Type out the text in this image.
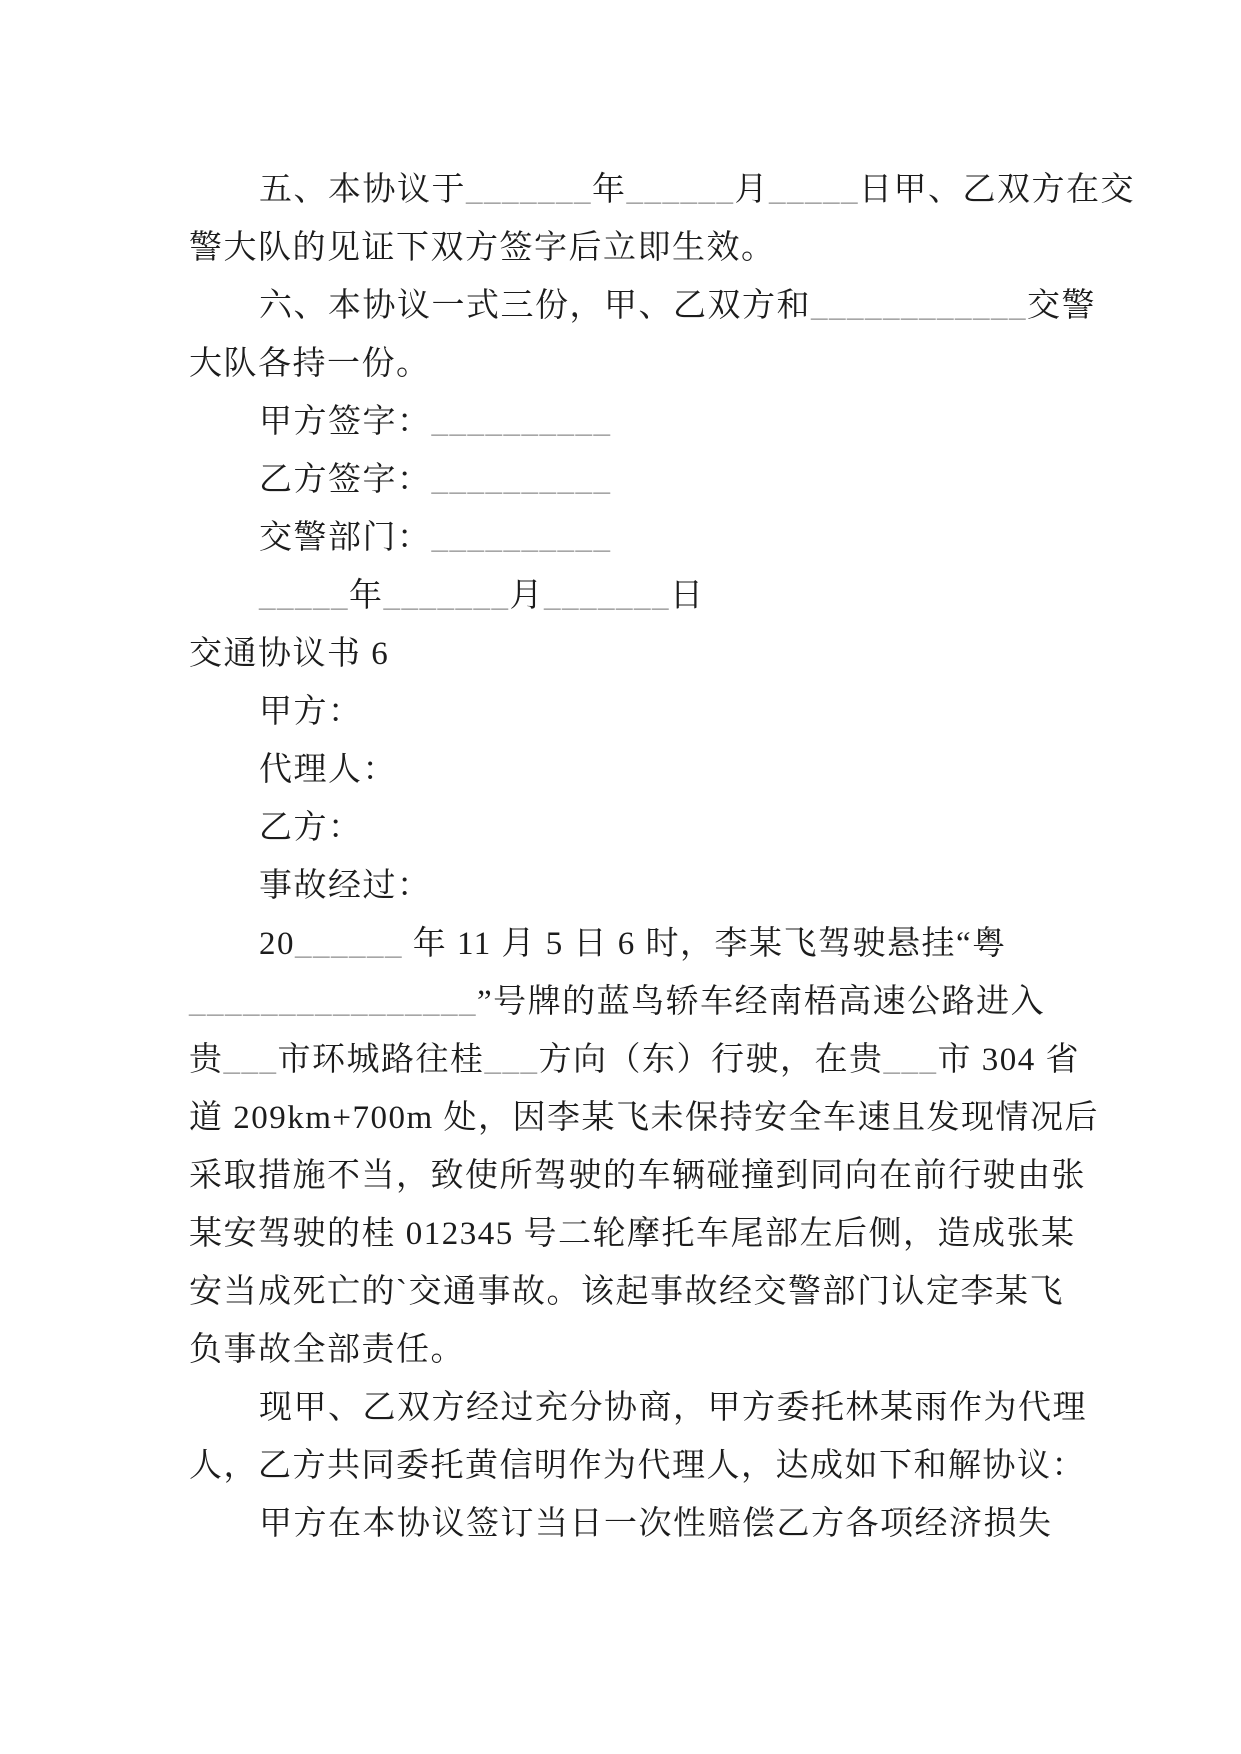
五、本协议于_______年______月_____日甲、乙双方在交
警大队的见证下双方签字后立即生效。
六、本协议一式三份，甲、乙双方和____________交警
大队各持一份。
甲方签字：__________
乙方签字：__________
交警部门：__________
_____年_______月_______日
交通协议书 6
甲方：
代理人：
乙方：
事故经过：
20______ 年 11 月 5 日 6 时，李某飞驾驶悬挂“粤
________________”号牌的蓝鸟轿车经南梧高速公路进入
贵___市环城路往桂___方向（东）行驶，在贵___市 304 省
道 209km+700m 处，因李某飞未保持安全车速且发现情况后
采取措施不当，致使所驾驶的车辆碰撞到同向在前行驶由张
某安驾驶的桂 012345 号二轮摩托车尾部左后侧，造成张某
安当成死亡的`交通事故。该起事故经交警部门认定李某飞
负事故全部责任。
现甲、乙双方经过充分协商，甲方委托林某雨作为代理
人，乙方共同委托黄信明作为代理人，达成如下和解协议：
甲方在本协议签订当日一次性赔偿乙方各项经济损失
